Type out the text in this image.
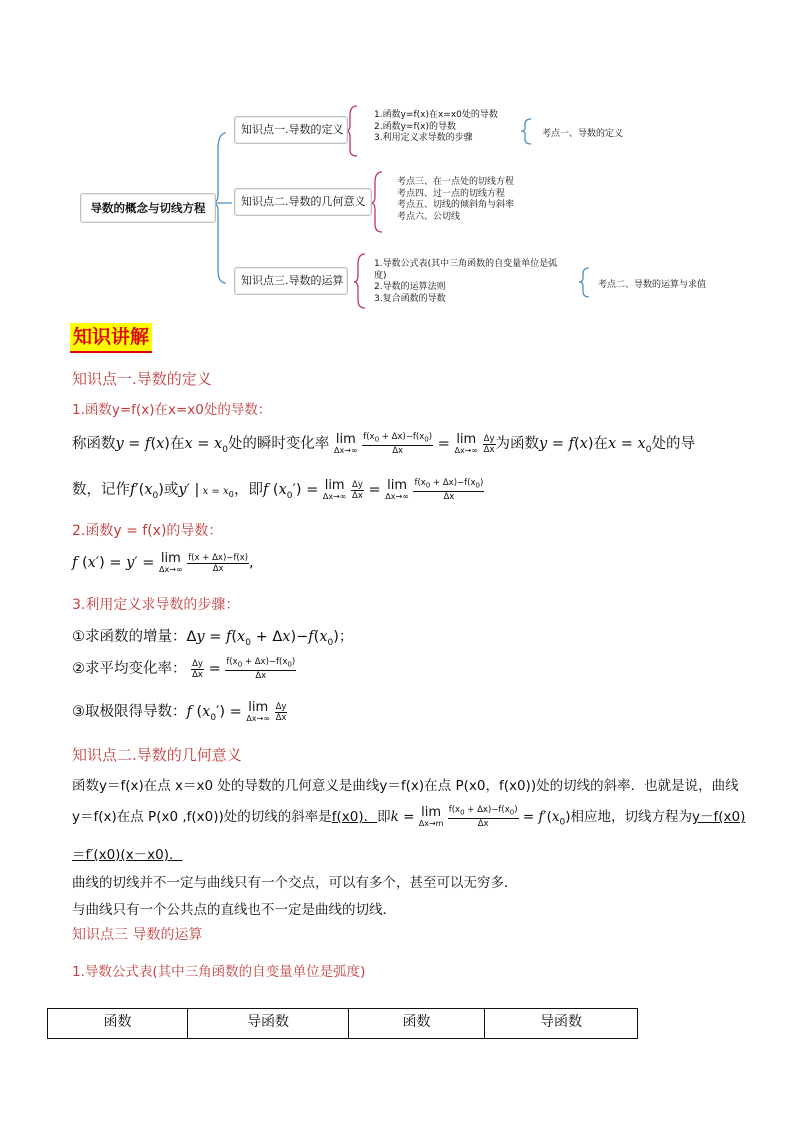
导数的概念与切线方程
知识点一.导数的定义
知识点二.导数的几何意义
知识点三.导数的运算
1.函数y=f(x)在x=x0处的导数
2.函数y=f(x)的导数
3.利用定义求导数的步骤	考点一、导数的定义
考点三、在一点处的切线方程
考点四、过一点的切线方程
考点五、切线的倾斜角与斜率
考点六、公切线
1.导数公式表(其中三角函数的自变量单位是弧
度)
2.导数的运算法则
3.复合函数的导数
考点二、导数的运算与求值
知识讲解
知识点一.导数的定义
1.函数y=f(x)在x=x0处的导数：
称函数y = f(x)在$x = x_0$处的瞬时变化率 lim
Δx→∞
$\frac{f(x_0 + \Delta x)-f(x_0)}{\Delta x} = \lim$
Δx→∞
$\frac{\Delta y}{\Delta x}$ 为函数y = f(x)在$x = x_0$处的导
数，记作$f'(x_0)$或y′ | $x = x_0$，即f $(x_0') = \lim$
Δx→∞
$\frac{\Delta y}{\Delta x} = \lim$
Δx→∞
$\frac{f(x_0 + \Delta x)-f(x_0)}{\Delta x}$
2.函数y = f(x)的导数：
f (x′) = y′ = lim
Δx→∞
$\frac{f(x + \Delta x)-f(x)}{\Delta x}$ ,
3.利用定义求导数的步骤：
①求函数的增量：$\Delta y = f(x_0 + \Delta x)-f(x_0)$；
②求平均变化率： $\frac{\Delta y}{\Delta x} = \frac{f(x_0 + \Delta x)-f(x_0)}{\Delta x}$
③取极限得导数：f $(x_0') = \lim$
Δx→∞
$\frac{\Delta y}{\Delta x}$
知识点二.导数的几何意义
函数y＝f(x)在点 x＝x0 处的导数的几何意义是曲线y＝f(x)在点 P(x0，f(x0))处的切线的斜率．也就是说，曲线
y＝f(x)在点 P(x0 ,f(x0))处的切线的斜率是f(x0)．即k = lim
Δx→m
$\frac{f(x_0 + \Delta x)-f(x_0)}{\Delta x} = f'(x_0)$相应地，切线方程为y－f(x0)
＝f′(x0)(x－x0)．
曲线的切线并不一定与曲线只有一个交点，可以有多个，甚至可以无穷多．
与曲线只有一个公共点的直线也不一定是曲线的切线．
知识点三 导数的运算
1.导数公式表(其中三角函数的自变量单位是弧度)
函数	导函数	函数	导函数
